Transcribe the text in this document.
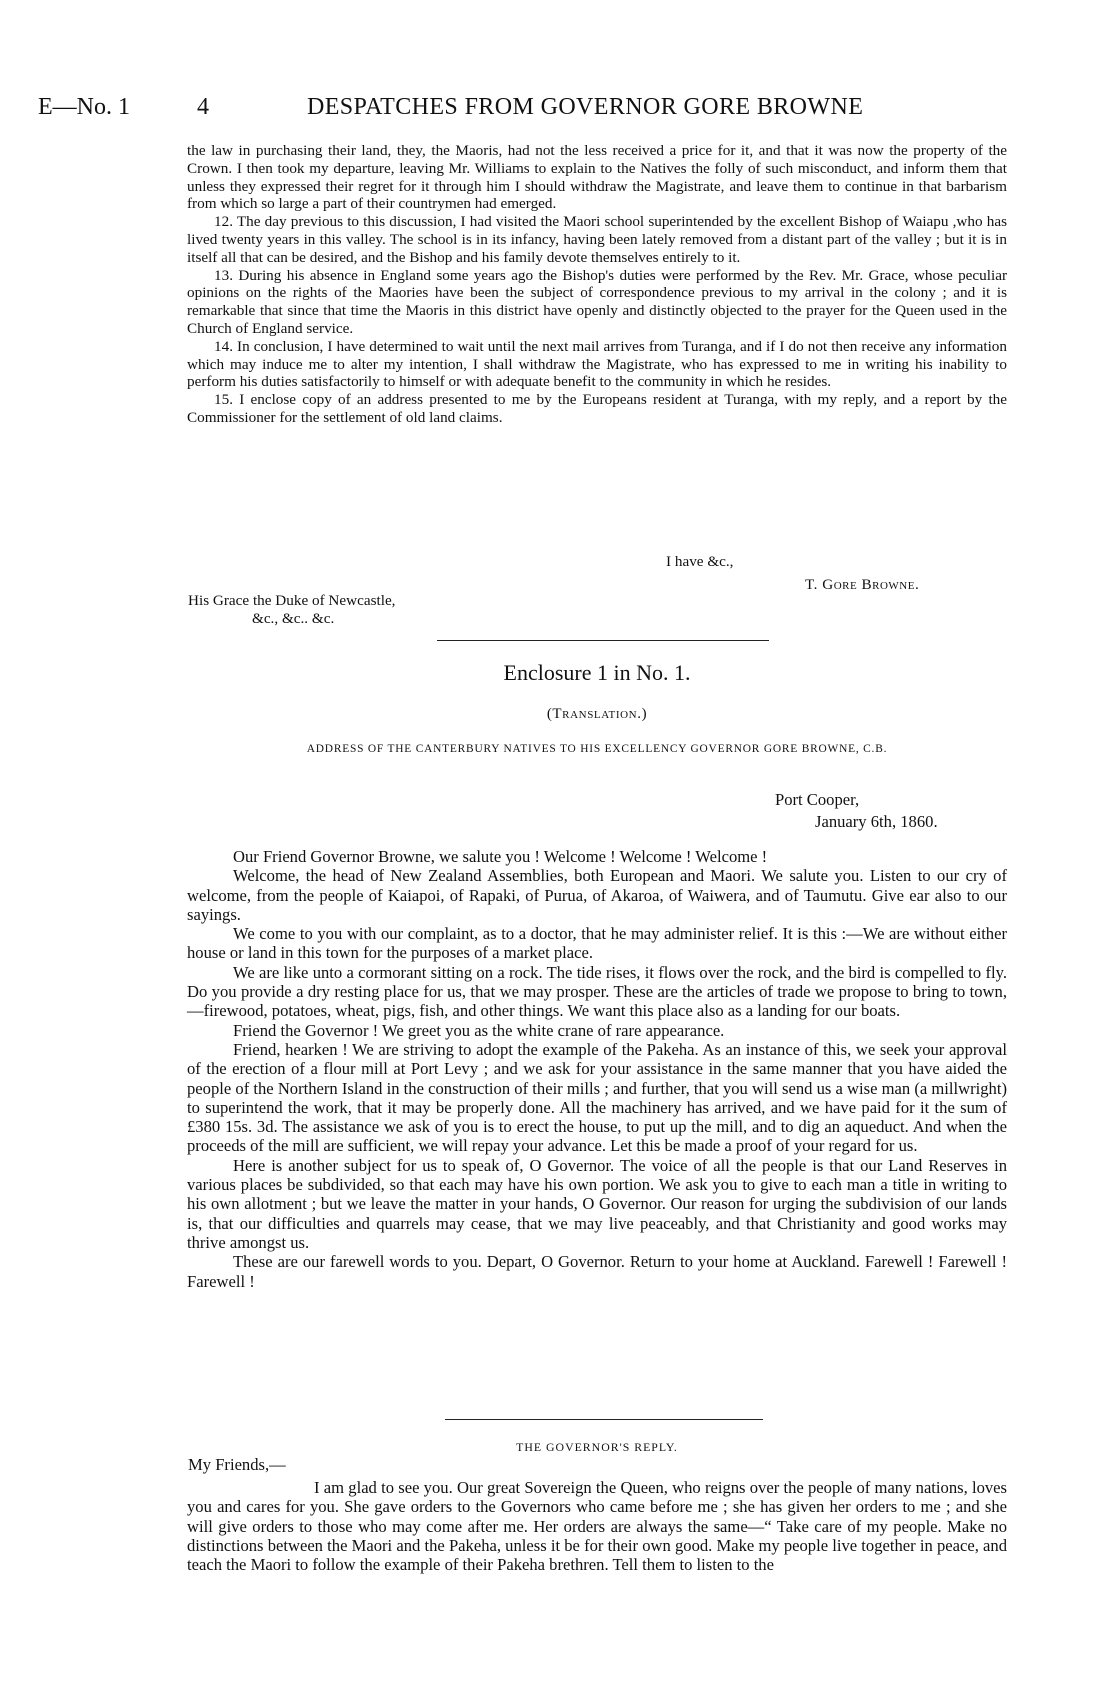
E—No. 1	4	DESPATCHES FROM GOVERNOR GORE BROWNE

the law in purchasing their land, they, the Maoris, had not the less received a price for it, and that it was now the property of the Crown. I then took my departure, leaving Mr. Williams to explain to the Natives the folly of such misconduct, and inform them that unless they expressed their regret for it through him I should withdraw the Magistrate, and leave them to continue in that barbarism from which so large a part of their countrymen had emerged.

12. The day previous to this discussion, I had visited the Maori school superintended by the excellent Bishop of Waiapu ,who has lived twenty years in this valley. The school is in its infancy, having been lately removed from a distant part of the valley ; but it is in itself all that can be desired, and the Bishop and his family devote themselves entirely to it.

13. During his absence in England some years ago the Bishop's duties were performed by the Rev. Mr. Grace, whose peculiar opinions on the rights of the Maories have been the subject of correspondence previous to my arrival in the colony ; and it is remarkable that since that time the Maoris in this district have openly and distinctly objected to the prayer for the Queen used in the Church of England service.

14. In conclusion, I have determined to wait until the next mail arrives from Turanga, and if I do not then receive any information which may induce me to alter my intention, I shall withdraw the Magistrate, who has expressed to me in writing his inability to perform his duties satisfactorily to himself or with adequate benefit to the community in which he resides.

15. I enclose copy of an address presented to me by the Europeans resident at Turanga, with my reply, and a report by the Commissioner for the settlement of old land claims.

I have &c.,
T. Gore Browne.
His Grace the Duke of Newcastle,
&c., &c.. &c.
Enclosure 1 in No. 1.
(Translation.)
ADDRESS OF THE CANTERBURY NATIVES TO HIS EXCELLENCY GOVERNOR GORE BROWNE, C.B.
Port Cooper,
January 6th, 1860.

Our Friend Governor Browne, we salute you ! Welcome ! Welcome ! Welcome !

Welcome, the head of New Zealand Assemblies, both European and Maori. We salute you. Listen to our cry of welcome, from the people of Kaiapoi, of Rapaki, of Purua, of Akaroa, of Waiwera, and of Taumutu. Give ear also to our sayings.

We come to you with our complaint, as to a doctor, that he may administer relief. It is this :—We are without either house or land in this town for the purposes of a market place.

We are like unto a cormorant sitting on a rock. The tide rises, it flows over the rock, and the bird is compelled to fly. Do you provide a dry resting place for us, that we may prosper. These are the articles of trade we propose to bring to town,—firewood, potatoes, wheat, pigs, fish, and other things. We want this place also as a landing for our boats.

Friend the Governor ! We greet you as the white crane of rare appearance.

Friend, hearken ! We are striving to adopt the example of the Pakeha. As an instance of this, we seek your approval of the erection of a flour mill at Port Levy ; and we ask for your assistance in the same manner that you have aided the people of the Northern Island in the construction of their mills ; and further, that you will send us a wise man (a millwright) to superintend the work, that it may be properly done. All the machinery has arrived, and we have paid for it the sum of £380 15s. 3d. The assistance we ask of you is to erect the house, to put up the mill, and to dig an aqueduct. And when the proceeds of the mill are sufficient, we will repay your advance. Let this be made a proof of your regard for us.

Here is another subject for us to speak of, O Governor. The voice of all the people is that our Land Reserves in various places be subdivided, so that each may have his own portion. We ask you to give to each man a title in writing to his own allotment ; but we leave the matter in your hands, O Governor. Our reason for urging the subdivision of our lands is, that our difficulties and quarrels may cease, that we may live peaceably, and that Christianity and good works may thrive amongst us.

These are our farewell words to you. Depart, O Governor. Return to your home at Auckland. Farewell ! Farewell ! Farewell !

THE GOVERNOR'S REPLY.
My Friends,—

I am glad to see you. Our great Sovereign the Queen, who reigns over the people of many nations, loves you and cares for you. She gave orders to the Governors who came before me ; she has given her orders to me ; and she will give orders to those who may come after me. Her orders are always the same—“ Take care of my people. Make no distinctions between the Maori and the Pakeha, unless it be for their own good. Make my people live together in peace, and teach the Maori to follow the example of their Pakeha brethren. Tell them to listen to the
